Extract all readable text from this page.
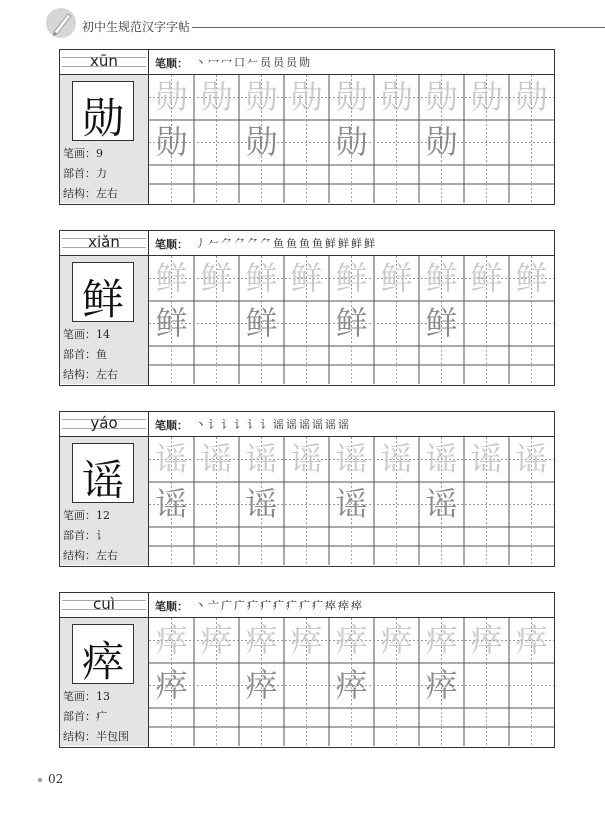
初中生规范汉字字帖
xūn
勋
笔画：9
部首：力
结构：左右
笔顺： 丶冖冖口𠂉员员员勋
勋 勋 勋 勋 勋 勋 勋 勋 勋
勋 勋 勋 勋
xiǎn
鲜
笔画：14
部首：鱼
结构：左右
笔顺： 丿𠂉⺈⺈⺈⺈鱼鱼鱼鱼鲜鲜鲜鲜
鲜 鲜 鲜 鲜 鲜 鲜 鲜 鲜 鲜
鲜 鲜 鲜 鲜
yáo
谣
笔画：12
部首：讠
结构：左右
笔顺： 丶讠讠讠讠讠谣谣谣谣谣谣
谣 谣 谣 谣 谣 谣 谣 谣 谣
谣 谣 谣 谣
cuì
瘁
笔画：13
部首：疒
结构：半包围
笔顺： 丶亠广广疒疒疒疒疒疒瘁瘁瘁
瘁 瘁 瘁 瘁 瘁 瘁 瘁 瘁 瘁
瘁 瘁 瘁 瘁
02
